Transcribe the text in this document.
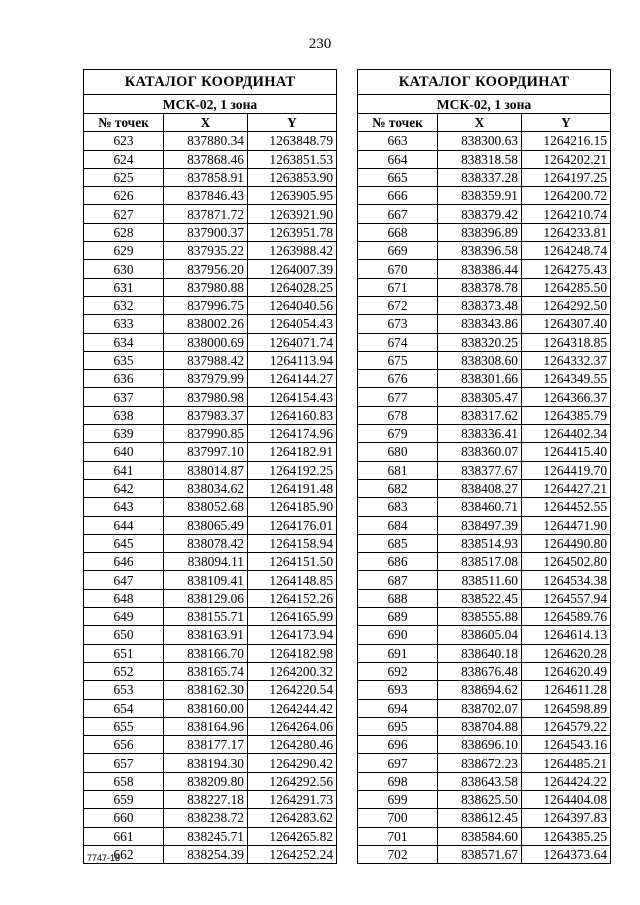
230
КАТАЛОГ КООРДИНАТ		
МСК-02, 1 зона		
№ точек	X	Y
623	837880.34	1263848.79
624	837868.46	1263851.53
625	837858.91	1263853.90
626	837846.43	1263905.95
627	837871.72	1263921.90
628	837900.37	1263951.78
629	837935.22	1263988.42
630	837956.20	1264007.39
631	837980.88	1264028.25
632	837996.75	1264040.56
633	838002.26	1264054.43
634	838000.69	1264071.74
635	837988.42	1264113.94
636	837979.99	1264144.27
637	837980.98	1264154.43
638	837983.37	1264160.83
639	837990.85	1264174.96
640	837997.10	1264182.91
641	838014.87	1264192.25
642	838034.62	1264191.48
643	838052.68	1264185.90
644	838065.49	1264176.01
645	838078.42	1264158.94
646	838094.11	1264151.50
647	838109.41	1264148.85
648	838129.06	1264152.26
649	838155.71	1264165.99
650	838163.91	1264173.94
651	838166.70	1264182.98
652	838165.74	1264200.32
653	838162.30	1264220.54
654	838160.00	1264244.42
655	838164.96	1264264.06
656	838177.17	1264280.46
657	838194.30	1264290.42
658	838209.80	1264292.56
659	838227.18	1264291.73
660	838238.72	1264283.62
661	838245.71	1264265.82
662	838254.39	1264252.24
КАТАЛОГ КООРДИНАТ		
МСК-02, 1 зона		
№ точек	X	Y
663	838300.63	1264216.15
664	838318.58	1264202.21
665	838337.28	1264197.25
666	838359.91	1264200.72
667	838379.42	1264210.74
668	838396.89	1264233.81
669	838396.58	1264248.74
670	838386.44	1264275.43
671	838378.78	1264285.50
672	838373.48	1264292.50
673	838343.86	1264307.40
674	838320.25	1264318.85
675	838308.60	1264332.37
676	838301.66	1264349.55
677	838305.47	1264366.37
678	838317.62	1264385.79
679	838336.41	1264402.34
680	838360.07	1264415.40
681	838377.67	1264419.70
682	838408.27	1264427.21
683	838460.71	1264452.55
684	838497.39	1264471.90
685	838514.93	1264490.80
686	838517.08	1264502.80
687	838511.60	1264534.38
688	838522.45	1264557.94
689	838555.88	1264589.76
690	838605.04	1264614.13
691	838640.18	1264620.28
692	838676.48	1264620.49
693	838694.62	1264611.28
694	838702.07	1264598.89
695	838704.88	1264579.22
696	838696.10	1264543.16
697	838672.23	1264485.21
698	838643.58	1264424.22
699	838625.50	1264404.08
700	838612.45	1264397.83
701	838584.60	1264385.25
702	838571.67	1264373.64
7747-18
